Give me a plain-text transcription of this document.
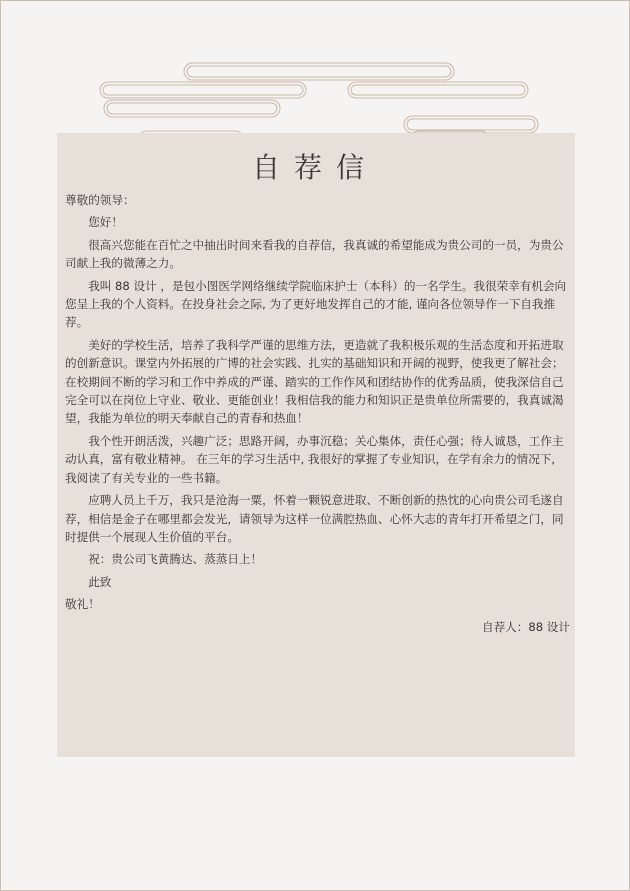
自荐信

尊敬的领导：

您好！

很高兴您能在百忙之中抽出时间来看我的自荐信，我真诚的希望能成为贵公司的一员，为贵公司献上我的微薄之力。

我叫 88 设计 ，是包小图医学网络继续学院临床护士（本科）的一名学生。我很荣幸有机会向您呈上我的个人资料。在投身社会之际, 为了更好地发挥自己的才能, 谨向各位领导作一下自我推荐。

美好的学校生活，培养了我科学严谨的思维方法，更造就了我积极乐观的生活态度和开拓进取的创新意识。课堂内外拓展的广博的社会实践、扎实的基础知识和开阔的视野，使我更了解社会；在校期间不断的学习和工作中养成的严谨、踏实的工作作风和团结协作的优秀品质，使我深信自己完全可以在岗位上守业、敬业、更能创业！我相信我的能力和知识正是贵单位所需要的，我真诚渴望，我能为单位的明天奉献自己的青春和热血！

我个性开朗活泼，兴趣广泛；思路开阔，办事沉稳；关心集体，责任心强；待人诚恳，工作主动认真，富有敬业精神。 在三年的学习生活中, 我很好的掌握了专业知识，在学有余力的情况下, 我阅读了有关专业的一些书籍。

应聘人员上千万，我只是沧海一粟，怀着一颗锐意进取、不断创新的热忱的心向贵公司毛遂自荐，相信是金子在哪里都会发光，请领导为这样一位满腔热血、心怀大志的青年打开希望之门，同时提供一个展现人生价值的平台。

祝：贵公司飞黄腾达、蒸蒸日上！

此致

敬礼！

自荐人：88 设计
